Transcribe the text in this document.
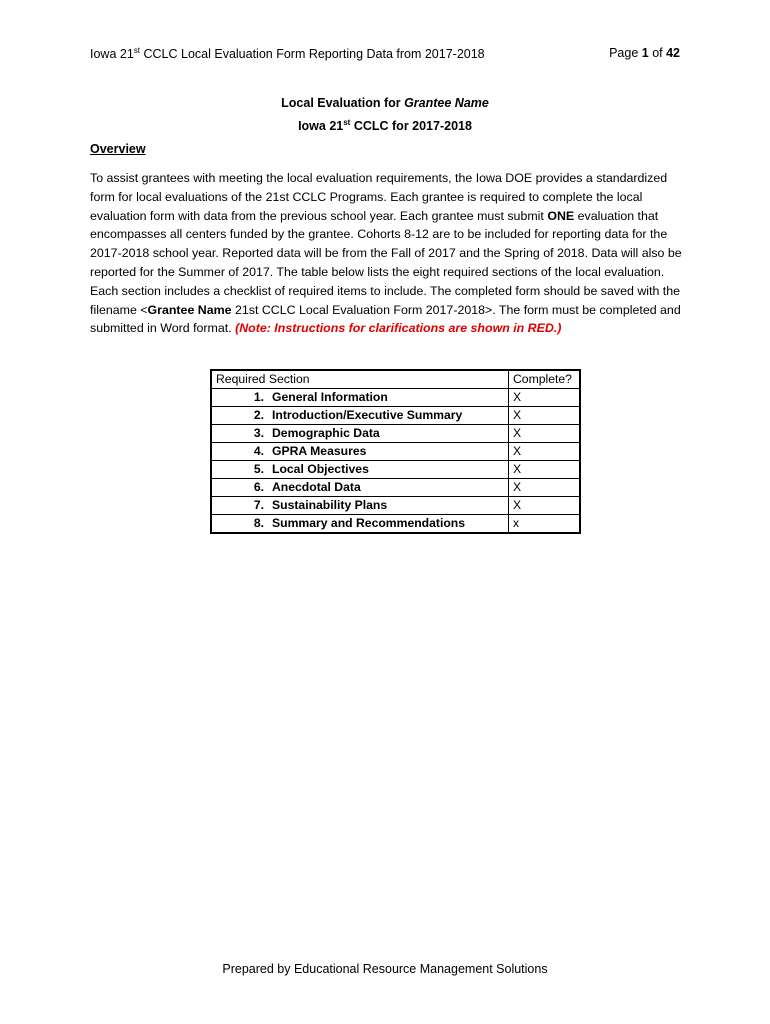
Iowa 21st CCLC Local Evaluation Form Reporting Data from 2017-2018	Page 1 of 42
Local Evaluation for Grantee Name
Iowa 21st CCLC for 2017-2018
Overview
To assist grantees with meeting the local evaluation requirements, the Iowa DOE provides a standardized form for local evaluations of the 21st CCLC Programs. Each grantee is required to complete the local evaluation form with data from the previous school year. Each grantee must submit ONE evaluation that encompasses all centers funded by the grantee. Cohorts 8-12 are to be included for reporting data for the 2017-2018 school year. Reported data will be from the Fall of 2017 and the Spring of 2018. Data will also be reported for the Summer of 2017. The table below lists the eight required sections of the local evaluation. Each section includes a checklist of required items to include. The completed form should be saved with the filename <Grantee Name 21st CCLC Local Evaluation Form 2017-2018>. The form must be completed and submitted in Word format. (Note: Instructions for clarifications are shown in RED.)
Required Section	Complete?
1. General Information	X
2. Introduction/Executive Summary	X
3. Demographic Data	X
4. GPRA Measures	X
5. Local Objectives	X
6. Anecdotal Data	X
7. Sustainability Plans	X
8. Summary and Recommendations	x
Prepared by Educational Resource Management Solutions
